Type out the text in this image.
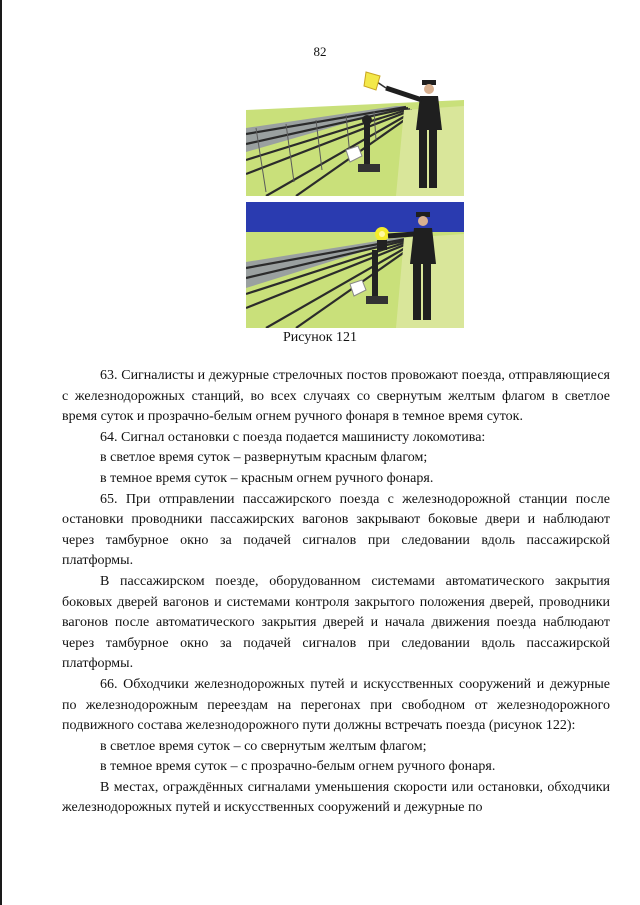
82
Рисунок 121

63. Сигналисты и дежурные стрелочных постов провожают поезда, отправляющиеся с железнодорожных станций, во всех случаях со свернутым желтым флагом в светлое время суток и прозрачно-белым огнем ручного фонаря в темное время суток.

64. Сигнал остановки с поезда подается машинисту локомотива:

в светлое время суток – развернутым красным флагом;

в темное время суток – красным огнем ручного фонаря.

65. При отправлении пассажирского поезда с железнодорожной станции после остановки проводники пассажирских вагонов закрывают боковые двери и наблюдают через тамбурное окно за подачей сигналов при следовании вдоль пассажирской платформы.

В пассажирском поезде, оборудованном системами автоматического закрытия боковых дверей вагонов и системами контроля закрытого положения дверей, проводники вагонов после автоматического закрытия дверей и начала движения поезда наблюдают через тамбурное окно за подачей сигналов при следовании вдоль пассажирской платформы.

66. Обходчики железнодорожных путей и искусственных сооружений и дежурные по железнодорожным переездам на перегонах при свободном от железнодорожного подвижного состава железнодорожного пути должны встречать поезда (рисунок 122):

в светлое время суток – со свернутым желтым флагом;

в темное время суток – с прозрачно-белым огнем ручного фонаря.

В местах, ограждённых сигналами уменьшения скорости или остановки, обходчики железнодорожных путей и искусственных сооружений и дежурные по
